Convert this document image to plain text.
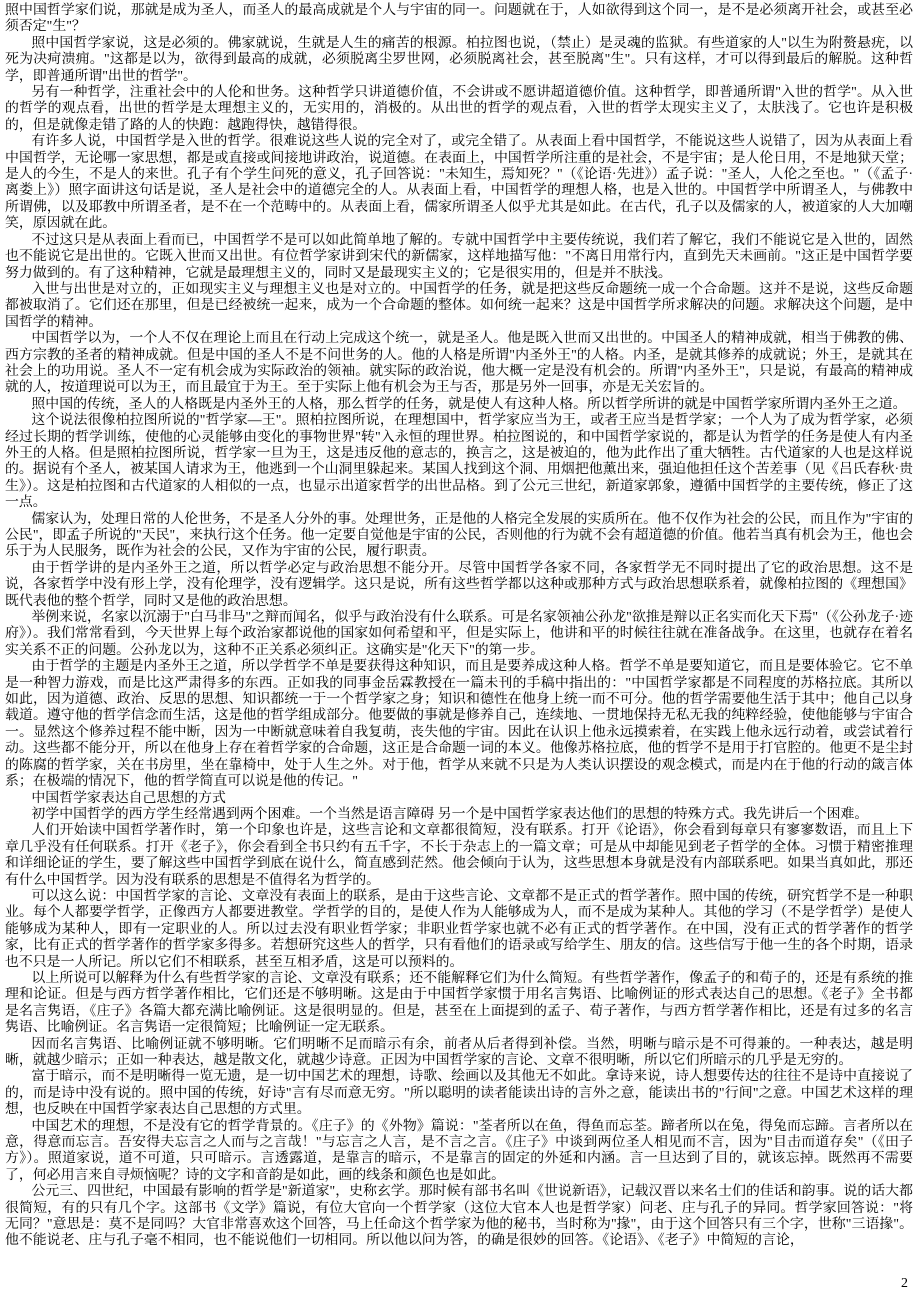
照中国哲学家们说，那就是成为圣人，而圣人的最高成就是个人与宇宙的同一。问题就在于，人如欲得到这个同一，是不是必须离开社会，或甚至必须否定"生"？

照中国哲学家说，这是必须的。佛家就说，生就是人生的痛苦的根源。柏拉图也说，（禁止）是灵魂的监狱。有些道家的人"以生为附赘悬疣，以死为决疴溃痈。"这都是以为，欲得到最高的成就，必须脱离尘罗世网，必须脱离社会，甚至脱离"生"。只有这样，才可以得到最后的解脱。这种哲学，即普通所谓"出世的哲学"。

另有一种哲学，注重社会中的人伦和世务。这种哲学只讲道德价值，不会讲或不愿讲超道德价值。这种哲学，即普通所谓"入世的哲学"。从入世的哲学的观点看，出世的哲学是太理想主义的，无实用的，消极的。从出世的哲学的观点看，入世的哲学太现实主义了，太肤浅了。它也许是积极的，但是就像走错了路的人的快跑：越跑得快，越错得很。

有许多人说，中国哲学是入世的哲学。很难说这些人说的完全对了，或完全错了。从表面上看中国哲学，不能说这些人说错了，因为从表面上看中国哲学，无论哪一家思想，都是或直接或间接地讲政治，说道德。在表面上，中国哲学所注重的是社会，不是宇宙；是人伦日用，不是地狱天堂；是人的今生，不是人的来世。孔子有个学生问死的意义，孔子回答说："未知生，焉知死？"（《论语·先进》）孟子说："圣人，人伦之至也。"（《孟子·离娄上》）照字面讲这句话是说，圣人是社会中的道德完全的人。从表面上看，中国哲学的理想人格，也是入世的。中国哲学中所谓圣人，与佛教中所谓佛，以及耶教中所谓圣者，是不在一个范畴中的。从表面上看，儒家所谓圣人似乎尤其是如此。在古代，孔子以及儒家的人，被道家的人大加嘲笑，原因就在此。

不过这只是从表面上看而已，中国哲学不是可以如此简单地了解的。专就中国哲学中主要传统说，我们若了解它，我们不能说它是入世的，固然也不能说它是出世的。它既入世而又出世。有位哲学家讲到宋代的新儒家，这样地描写他："不离日用常行内，直到先天未画前。"这正是中国哲学要努力做到的。有了这种精神，它就是最理想主义的，同时又是最现实主义的；它是很实用的，但是并不肤浅。

入世与出世是对立的，正如现实主义与理想主义也是对立的。中国哲学的任务，就是把这些反命题统一成一个合命题。这并不是说，这些反命题都被取消了。它们还在那里，但是已经被统一起来，成为一个合命题的整体。如何统一起来？这是中国哲学所求解决的问题。求解决这个问题，是中国哲学的精神。

中国哲学以为，一个人不仅在理论上而且在行动上完成这个统一，就是圣人。他是既入世而又出世的。中国圣人的精神成就，相当于佛教的佛、西方宗教的圣者的精神成就。但是中国的圣人不是不问世务的人。他的人格是所谓"内圣外王"的人格。内圣，是就其修养的成就说；外王，是就其在社会上的功用说。圣人不一定有机会成为实际政治的领袖。就实际的政治说，他大概一定是没有机会的。所谓"内圣外王"，只是说，有最高的精神成就的人，按道理说可以为王，而且最宜于为王。至于实际上他有机会为王与否，那是另外一回事，亦是无关宏旨的。

照中国的传统，圣人的人格既是内圣外王的人格，那么哲学的任务，就是使人有这种人格。所以哲学所讲的就是中国哲学家所谓内圣外王之道。

这个说法很像柏拉图所说的"哲学家—王"。照柏拉图所说，在理想国中，哲学家应当为王，或者王应当是哲学家；一个人为了成为哲学家，必须经过长期的哲学训练，使他的心灵能够由变化的事物世界"转"入永恒的理世界。柏拉图说的，和中国哲学家说的，都是认为哲学的任务是使人有内圣外王的人格。但是照柏拉图所说，哲学家一旦为王，这是违反他的意志的，换言之，这是被迫的，他为此作出了重大牺牲。古代道家的人也是这样说的。据说有个圣人，被某国人请求为王，他逃到一个山洞里躲起来。某国人找到这个洞、用烟把他薰出来，强迫他担任这个苦差事（见《吕氏春秋·贵生》）。这是柏拉图和古代道家的人相似的一点，也显示出道家哲学的出世品格。到了公元三世纪，新道家郭象，遵循中国哲学的主要传统，修正了这一点。

儒家认为，处理日常的人伦世务，不是圣人分外的事。处理世务，正是他的人格完全发展的实质所在。他不仅作为社会的公民，而且作为"宇宙的公民"，即孟子所说的"天民"，来执行这个任务。他一定要自觉他是宇宙的公民，否则他的行为就不会有超道德的价值。他若当真有机会为王，他也会乐于为人民服务，既作为社会的公民，又作为宇宙的公民，履行职责。

由于哲学讲的是内圣外王之道，所以哲学必定与政治思想不能分开。尽管中国哲学各家不同，各家哲学无不同时提出了它的政治思想。这不是说，各家哲学中没有形上学，没有伦理学，没有逻辑学。这只是说，所有这些哲学都以这种或那种方式与政治思想联系着，就像柏拉图的《理想国》既代表他的整个哲学，同时又是他的政治思想。

举例来说，名家以沉溺于"白马非马"之辩而闻名，似乎与政治没有什么联系。可是名家领袖公孙龙"欲推是辩以正名实而化天下焉"（《公孙龙子·迹府》）。我们常常看到，今天世界上每个政治家都说他的国家如何希望和平，但是实际上，他讲和平的时候往往就在准备战争。在这里，也就存在着名实关系不正的问题。公孙龙以为，这种不正关系必须纠正。这确实是"化天下"的第一步。

由于哲学的主题是内圣外王之道，所以学哲学不单是要获得这种知识，而且是要养成这种人格。哲学不单是要知道它，而且是要体验它。它不单是一种智力游戏，而是比这严肃得多的东西。正如我的同事金岳霖教授在一篇未刊的手稿中指出的："中国哲学家都是不同程度的苏格拉底。其所以如此，因为道德、政治、反思的思想、知识都统一于一个哲学家之身；知识和德性在他身上统一而不可分。他的哲学需要他生活于其中；他自己以身载道。遵守他的哲学信念而生活，这是他的哲学组成部分。他要做的事就是修养自己，连续地、一贯地保持无私无我的纯粹经验，使他能够与宇宙合一。显然这个修养过程不能中断，因为一中断就意味着自我复萌，丧失他的宇宙。因此在认识上他永远摸索着，在实践上他永远行动着，或尝试着行动。这些都不能分开，所以在他身上存在着哲学家的合命题，这正是合命题一词的本义。他像苏格拉底，他的哲学不是用于打官腔的。他更不是尘封的陈腐的哲学家，关在书房里，坐在靠椅中，处于人生之外。对于他，哲学从来就不只是为人类认识摆设的观念模式，而是内在于他的行动的箴言体系；在极端的情况下，他的哲学简直可以说是他的传记。"

中国哲学家表达自己思想的方式

初学中国哲学的西方学生经常遇到两个困难。一个当然是语言障碍 另一个是中国哲学家表达他们的思想的特殊方式。我先讲后一个困难。

人们开始读中国哲学著作时，第一个印象也许是，这些言论和文章都很简短，没有联系。打开《论语》，你会看到每章只有寥寥数语，而且上下章几乎没有任何联系。打开《老子》，你会看到全书只约有五千字，不长于杂志上的一篇文章；可是从中却能见到老子哲学的全体。习惯于精密推理和详细论证的学生，要了解这些中国哲学到底在说什么，简直感到茫然。他会倾向于认为，这些思想本身就是没有内部联系吧。如果当真如此，那还有什么中国哲学。因为没有联系的思想是不值得名为哲学的。

可以这么说：中国哲学家的言论、文章没有表面上的联系，是由于这些言论、文章都不是正式的哲学著作。照中国的传统，研究哲学不是一种职业。每个人都要学哲学，正像西方人都要进教堂。学哲学的目的，是使人作为人能够成为人，而不是成为某种人。其他的学习（不是学哲学）是使人能够成为某种人，即有一定职业的人。所以过去没有职业哲学家；非职业哲学家也就不必有正式的哲学著作。在中国，没有正式的哲学著作的哲学家，比有正式的哲学著作的哲学家多得多。若想研究这些人的哲学，只有看他们的语录或写给学生、朋友的信。这些信写于他一生的各个时期，语录也不只是一人所记。所以它们不相联系，甚至互相矛盾，这是可以预料的。

以上所说可以解释为什么有些哲学家的言论、文章没有联系；还不能解释它们为什么简短。有些哲学著作，像孟子的和荀子的，还是有系统的推理和论证。但是与西方哲学著作相比，它们还是不够明晰。这是由于中国哲学家惯于用名言隽语、比喻例证的形式表达自己的思想。《老子》全书都是名言隽语，《庄子》各篇大都充满比喻例证。这是很明显的。但是，甚至在上面提到的孟子、荀子著作，与西方哲学著作相比，还是有过多的名言隽语、比喻例证。名言隽语一定很简短；比喻例证一定无联系。

因而名言隽语、比喻例证就不够明晰。它们明晰不足而暗示有余，前者从后者得到补偿。当然，明晰与暗示是不可得兼的。一种表达，越是明晰，就越少暗示；正如一种表达，越是散文化，就越少诗意。正因为中国哲学家的言论、文章不很明晰，所以它们所暗示的几乎是无穷的。

富于暗示，而不是明晰得一览无遗，是一切中国艺术的理想，诗歌、绘画以及其他无不如此。拿诗来说，诗人想要传达的往往不是诗中直接说了的，而是诗中没有说的。照中国的传统，好诗"言有尽而意无穷。"所以聪明的读者能读出诗的言外之意，能读出书的"行间"之意。中国艺术这样的理想，也反映在中国哲学家表达自己思想的方式里。

中国艺术的理想，不是没有它的哲学背景的。《庄子》的《外物》篇说："荃者所以在鱼，得鱼而忘荃。蹄者所以在兔，得兔而忘蹄。言者所以在意，得意而忘言。吾安得夫忘言之人而与之言哉！"与忘言之人言，是不言之言。《庄子》中谈到两位圣人相见而不言，因为"目击而道存矣"（《田子方》）。照道家说，道不可道，只可暗示。言透露道，是靠言的暗示，不是靠言的固定的外延和内涵。言一旦达到了目的，就该忘掉。既然再不需要了，何必用言来自寻烦恼呢？诗的文字和音韵是如此，画的线条和颜色也是如此。

公元三、四世纪，中国最有影响的哲学是"新道家"，史称玄学。那时候有部书名叫《世说新语》，记载汉晋以来名士们的佳话和韵事。说的话大都很简短，有的只有几个字。这部书《文学》篇说，有位大官向一个哲学家（这位大官本人也是哲学家）问老、庄与孔子的异同。哲学家回答说："将无同？"意思是：莫不是同吗？大官非常喜欢这个回答，马上任命这个哲学家为他的秘书，当时称为"掾"，由于这个回答只有三个字，世称"三语掾"。他不能说老、庄与孔子毫不相同，也不能说他们一切相同。所以他以问为答，的确是很妙的回答。《论语》、《老子》中简短的言论，

2
